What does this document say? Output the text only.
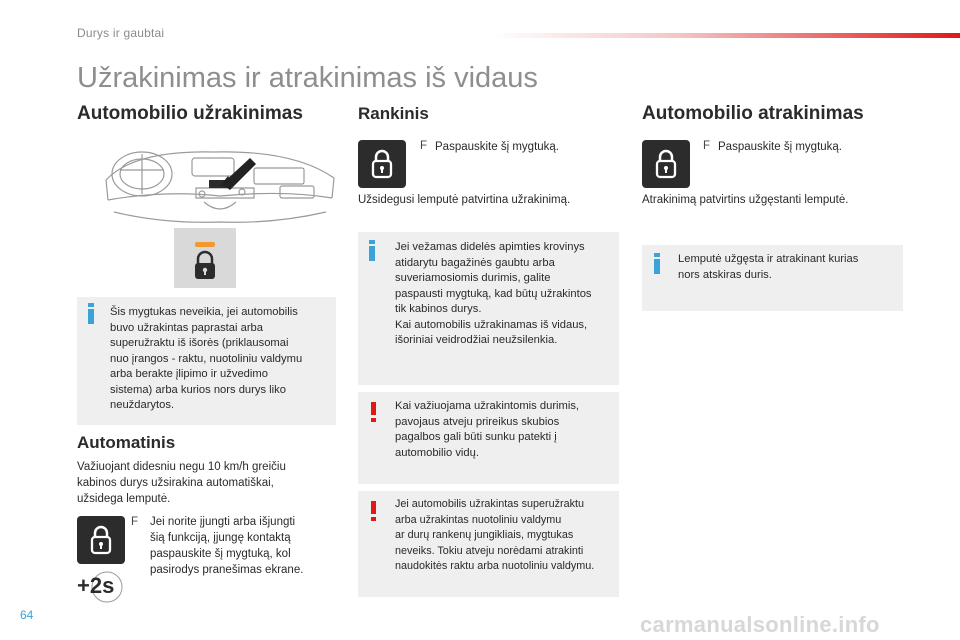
Durys ir gaubtai
Užrakinimas ir atrakinimas iš vidaus
Automobilio užrakinimas
Šis mygtukas neveikia, jei automobilis
buvo užrakintas paprastai arba
superužraktu iš išorės (priklausomai
nuo įrangos - raktu, nuotoliniu valdymu
arba berakte įlipimo ir užvedimo
sistema) arba kurios nors durys liko
neuždarytos.
Automatinis
Važiuojant didesniu negu 10 km/h greičiu
kabinos durys užsirakina automatiškai,
užsidega lemputė.
F Jei norite įjungti arba išjungti
šią funkciją, įjungę kontaktą
paspauskite šį mygtuką, kol
pasirodys pranešimas ekrane.
+2s
Rankinis
F Paspauskite šį mygtuką.
Užsidegusi lemputė patvirtina užrakinimą.
Jei vežamas didelės apimties krovinys
atidarytu bagažinės gaubtu arba
suveriamosiomis durimis, galite
paspausti mygtuką, kad būtų užrakintos
tik kabinos durys.
Kai automobilis užrakinamas iš vidaus,
išoriniai veidrodžiai neužsilenkia.
Kai važiuojama užrakintomis durimis,
pavojaus atveju prireikus skubios
pagalbos gali būti sunku patekti į
automobilio vidų.
Jei automobilis užrakintas superužraktu
arba užrakintas nuotoliniu valdymu
ar durų rankenų jungikliais, mygtukas
neveiks. Tokiu atveju norėdami atrakinti
naudokitės raktu arba nuotoliniu valdymu.
Automobilio atrakinimas
F Paspauskite šį mygtuką.
Atrakinimą patvirtins užgęstanti lemputė.
Lemputė užgęsta ir atrakinant kurias
nors atskiras duris.
64	carmanualsonline.info
